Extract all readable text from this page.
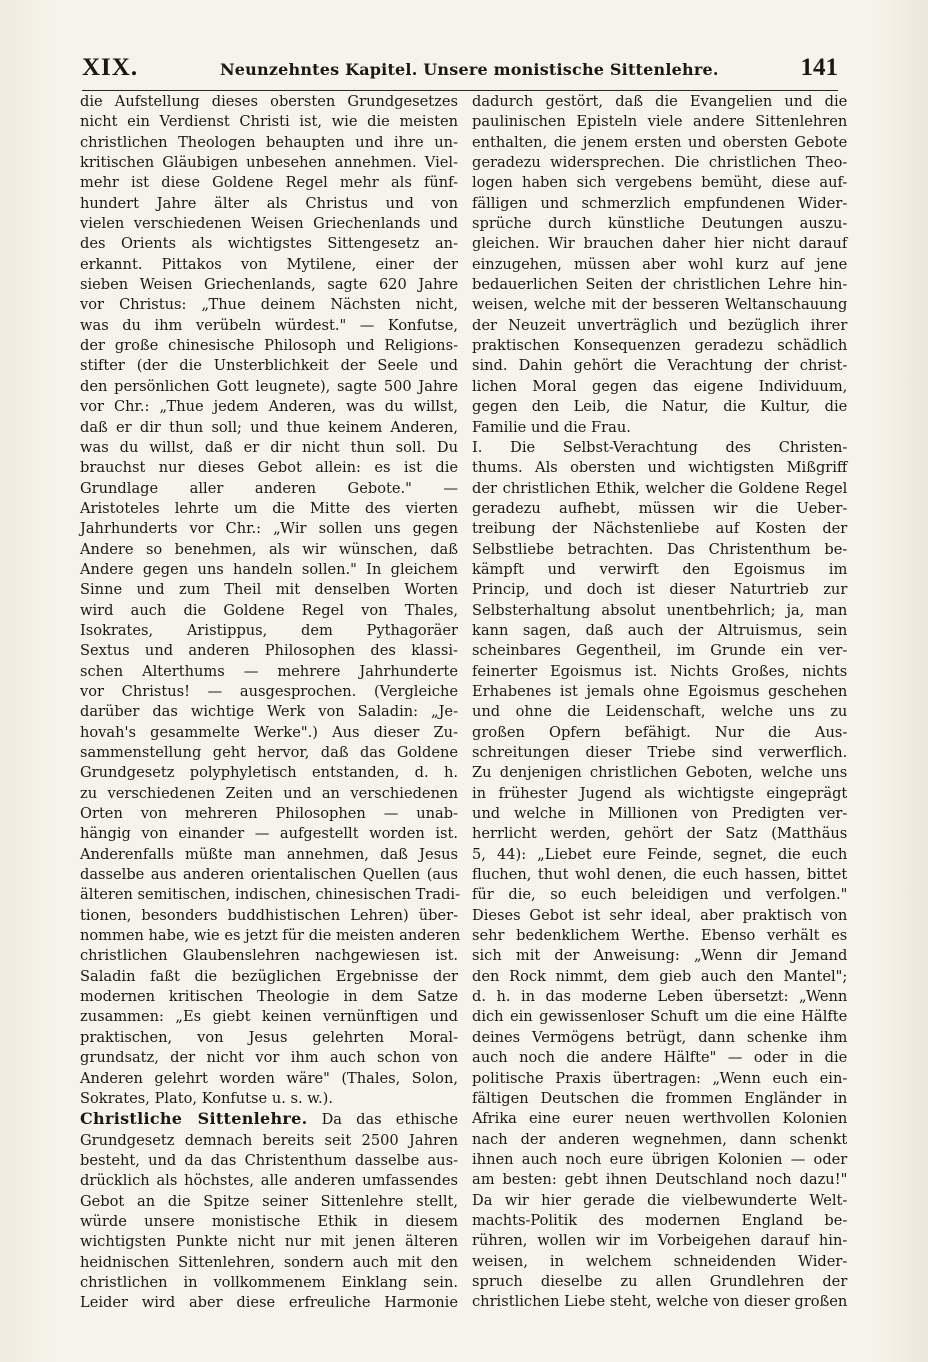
XIX.	Neunzehntes Kapitel. Unsere monistische Sittenlehre.	141
die Aufstellung dieses obersten Grundgesetzes
nicht ein Verdienst Christi ist, wie die meisten
christlichen Theologen behaupten und ihre un-
kritischen Gläubigen unbesehen annehmen. Viel-
mehr ist diese Goldene Regel mehr als fünf-
hundert Jahre älter als Christus und von
vielen verschiedenen Weisen Griechenlands und
des Orients als wichtigstes Sittengesetz an-
erkannt. Pittakos von Mytilene, einer der
sieben Weisen Griechenlands, sagte 620 Jahre
vor Christus: „Thue deinem Nächsten nicht,
was du ihm verübeln würdest." — Konfutse,
der große chinesische Philosoph und Religions-
stifter (der die Unsterblichkeit der Seele und
den persönlichen Gott leugnete), sagte 500 Jahre
vor Chr.: „Thue jedem Anderen, was du willst,
daß er dir thun soll; und thue keinem Anderen,
was du willst, daß er dir nicht thun soll. Du
brauchst nur dieses Gebot allein: es ist die
Grundlage aller anderen Gebote." —
Aristoteles lehrte um die Mitte des vierten
Jahrhunderts vor Chr.: „Wir sollen uns gegen
Andere so benehmen, als wir wünschen, daß
Andere gegen uns handeln sollen." In gleichem
Sinne und zum Theil mit denselben Worten
wird auch die Goldene Regel von Thales,
Isokrates, Aristippus, dem Pythagoräer
Sextus und anderen Philosophen des klassi-
schen Alterthums — mehrere Jahrhunderte
vor Christus! — ausgesprochen. (Vergleiche
darüber das wichtige Werk von Saladin: „Je-
hovah's gesammelte Werke".) Aus dieser Zu-
sammenstellung geht hervor, daß das Goldene
Grundgesetz polyphyletisch entstanden, d. h.
zu verschiedenen Zeiten und an verschiedenen
Orten von mehreren Philosophen — unab-
hängig von einander — aufgestellt worden ist.
Anderenfalls müßte man annehmen, daß Jesus
dasselbe aus anderen orientalischen Quellen (aus
älteren semitischen, indischen, chinesischen Tradi-
tionen, besonders buddhistischen Lehren) über-
nommen habe, wie es jetzt für die meisten anderen
christlichen Glaubenslehren nachgewiesen ist.
Saladin faßt die bezüglichen Ergebnisse der
modernen kritischen Theologie in dem Satze
zusammen: „Es giebt keinen vernünftigen und
praktischen, von Jesus gelehrten Moral-
grundsatz, der nicht vor ihm auch schon von
Anderen gelehrt worden wäre" (Thales, Solon,
Sokrates, Plato, Konfutse u. s. w.).
Christliche Sittenlehre. Da das ethische
Grundgesetz demnach bereits seit 2500 Jahren
besteht, und da das Christenthum dasselbe aus-
drücklich als höchstes, alle anderen umfassendes
Gebot an die Spitze seiner Sittenlehre stellt,
würde unsere monistische Ethik in diesem
wichtigsten Punkte nicht nur mit jenen älteren
heidnischen Sittenlehren, sondern auch mit den
christlichen in vollkommenem Einklang sein.
Leider wird aber diese erfreuliche Harmonie
dadurch gestört, daß die Evangelien und die
paulinischen Episteln viele andere Sittenlehren
enthalten, die jenem ersten und obersten Gebote
geradezu widersprechen. Die christlichen Theo-
logen haben sich vergebens bemüht, diese auf-
fälligen und schmerzlich empfundenen Wider-
sprüche durch künstliche Deutungen auszu-
gleichen. Wir brauchen daher hier nicht darauf
einzugehen, müssen aber wohl kurz auf jene
bedauerlichen Seiten der christlichen Lehre hin-
weisen, welche mit der besseren Weltanschauung
der Neuzeit unverträglich und bezüglich ihrer
praktischen Konsequenzen geradezu schädlich
sind. Dahin gehört die Verachtung der christ-
lichen Moral gegen das eigene Individuum,
gegen den Leib, die Natur, die Kultur, die
Familie und die Frau.
I. Die Selbst-Verachtung des Christen-
thums. Als obersten und wichtigsten Mißgriff
der christlichen Ethik, welcher die Goldene Regel
geradezu aufhebt, müssen wir die Ueber-
treibung der Nächstenliebe auf Kosten der
Selbstliebe betrachten. Das Christenthum be-
kämpft und verwirft den Egoismus im
Princip, und doch ist dieser Naturtrieb zur
Selbsterhaltung absolut unentbehrlich; ja, man
kann sagen, daß auch der Altruismus, sein
scheinbares Gegentheil, im Grunde ein ver-
feinerter Egoismus ist. Nichts Großes, nichts
Erhabenes ist jemals ohne Egoismus geschehen
und ohne die Leidenschaft, welche uns zu
großen Opfern befähigt. Nur die Aus-
schreitungen dieser Triebe sind verwerflich.
Zu denjenigen christlichen Geboten, welche uns
in frühester Jugend als wichtigste eingeprägt
und welche in Millionen von Predigten ver-
herrlicht werden, gehört der Satz (Matthäus
5, 44): „Liebet eure Feinde, segnet, die euch
fluchen, thut wohl denen, die euch hassen, bittet
für die, so euch beleidigen und verfolgen."
Dieses Gebot ist sehr ideal, aber praktisch von
sehr bedenklichem Werthe. Ebenso verhält es
sich mit der Anweisung: „Wenn dir Jemand
den Rock nimmt, dem gieb auch den Mantel";
d. h. in das moderne Leben übersetzt: „Wenn
dich ein gewissenloser Schuft um die eine Hälfte
deines Vermögens betrügt, dann schenke ihm
auch noch die andere Hälfte" — oder in die
politische Praxis übertragen: „Wenn euch ein-
fältigen Deutschen die frommen Engländer in
Afrika eine eurer neuen werthvollen Kolonien
nach der anderen wegnehmen, dann schenkt
ihnen auch noch eure übrigen Kolonien — oder
am besten: gebt ihnen Deutschland noch dazu!"
Da wir hier gerade die vielbewunderte Welt-
machts-Politik des modernen England be-
rühren, wollen wir im Vorbeigehen darauf hin-
weisen, in welchem schneidenden Wider-
spruch dieselbe zu allen Grundlehren der
christlichen Liebe steht, welche von dieser großen
